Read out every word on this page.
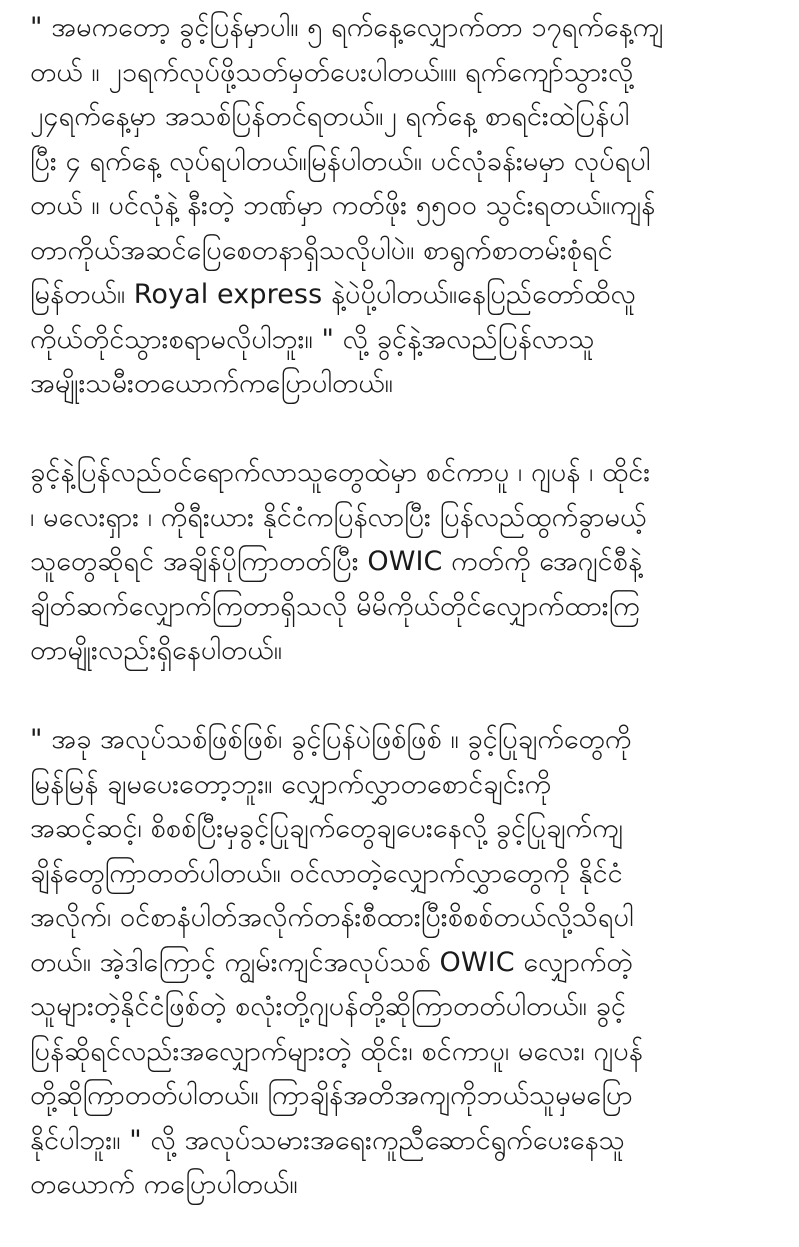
" အမကတော့ ခွင့်ပြန်မှာပါ။ ၅ ရက်နေ့လျှောက်တာ ၁၇ရက်နေ့ကျ
တယ် ။ ၂၁ရက်လုပ်ဖို့သတ်မှတ်ပေးပါတယ်။။ ရက်ကျော်သွားလို့
၂၄ရက်နေ့မှာ အသစ်ပြန်တင်ရတယ်။၂ ရက်နေ့ စာရင်းထဲပြန်ပါ
ပြီး ၄ ရက်နေ့ လုပ်ရပါတယ်။မြန်ပါတယ်။ ပင်လုံခန်းမမှာ လုပ်ရပါ
တယ် ။ ပင်လုံနဲ့ နီးတဲ့ ဘဏ်မှာ ကတ်ဖိုး ၅၅၀၀ သွင်းရတယ်။ကျန်
တာကိုယ်အဆင်ပြေစေတနာရှိသလိုပါပဲ။ စာရွက်စာတမ်းစုံရင်
မြန်တယ်။ Royal express နဲ့ပဲပို့ပါတယ်။နေပြည်တော်ထိလူ
ကိုယ်တိုင်သွားစရာမလိုပါဘူး။ " လို့ ခွင့်နဲ့အလည်ပြန်လာသူ
အမျိုးသမီးတယောက်ကပြောပါတယ်။
ခွင့်နဲ့ပြန်လည်ဝင်ရောက်လာသူတွေထဲမှာ စင်ကာပူ ၊ ဂျပန် ၊ ထိုင်း
၊ မလေးရှား ၊ ကိုရီးယား နိုင်ငံကပြန်လာပြီး ပြန်လည်ထွက်ခွာမယ့်
သူတွေဆိုရင် အချိန်ပိုကြာတတ်ပြီး OWIC ကတ်ကို အေဂျင်စီနဲ့
ချိတ်ဆက်လျှောက်ကြတာရှိသလို မိမိကိုယ်တိုင်လျှောက်ထားကြ
တာမျိုးလည်းရှိနေပါတယ်။
" အခု အလုပ်သစ်ဖြစ်ဖြစ်၊ ခွင့်ပြန်ပဲဖြစ်ဖြစ် ။ ခွင့်ပြုချက်တွေကို
မြန်မြန် ချမပေးတော့ဘူး။ လျှောက်လွှာတစောင်ချင်းကို
အဆင့်ဆင့်၊ စိစစ်ပြီးမှခွင့်ပြုချက်တွေချပေးနေလို့ ခွင့်ပြုချက်ကျ
ချိန်တွေကြာတတ်ပါတယ်။ ဝင်လာတဲ့လျှောက်လွှာတွေကို နိုင်ငံ
အလိုက်၊ ဝင်စာနံပါတ်အလိုက်တန်းစီထားပြီးစိစစ်တယ်လို့သိရပါ
တယ်။ အဲ့ဒါကြောင့် ကျွမ်းကျင်အလုပ်သစ် OWIC လျှောက်တဲ့
သူများတဲ့နိုင်ငံဖြစ်တဲ့ စလုံးတို့ဂျပန်တို့ဆိုကြာတတ်ပါတယ်။ ခွင့်
ပြန်ဆိုရင်လည်းအလျှောက်များတဲ့ ထိုင်း၊ စင်ကာပူ၊ မလေး၊ ဂျပန်
တို့ဆိုကြာတတ်ပါတယ်။ ကြာချိန်အတိအကျကိုဘယ်သူမှမပြော
နိုင်ပါဘူး။ " လို့ အလုပ်သမားအရေးကူညီဆောင်ရွက်ပေးနေသူ
တယောက် ကပြောပါတယ်။
